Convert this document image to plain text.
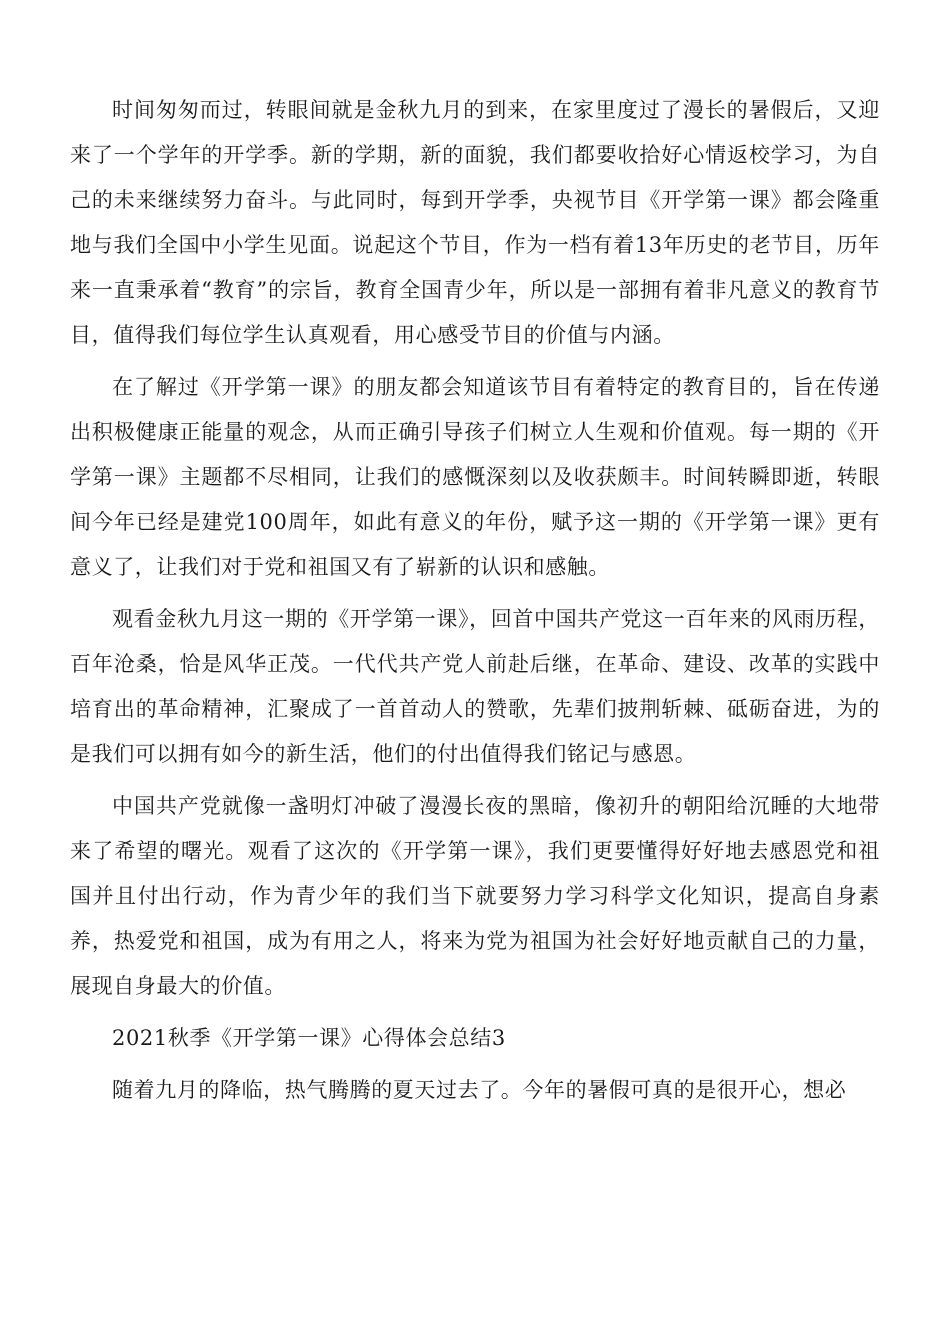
时间匆匆而过，转眼间就是金秋九月的到来，在家里度过了漫长的暑假后，又迎来了一个学年的开学季。新的学期，新的面貌，我们都要收拾好心情返校学习，为自己的未来继续努力奋斗。与此同时，每到开学季，央视节目《开学第一课》都会隆重地与我们全国中小学生见面。说起这个节目，作为一档有着13年历史的老节目，历年来一直秉承着“教育”的宗旨，教育全国青少年，所以是一部拥有着非凡意义的教育节目，值得我们每位学生认真观看，用心感受节目的价值与内涵。

在了解过《开学第一课》的朋友都会知道该节目有着特定的教育目的，旨在传递出积极健康正能量的观念，从而正确引导孩子们树立人生观和价值观。每一期的《开学第一课》主题都不尽相同，让我们的感慨深刻以及收获颇丰。时间转瞬即逝，转眼间今年已经是建党100周年，如此有意义的年份，赋予这一期的《开学第一课》更有意义了，让我们对于党和祖国又有了崭新的认识和感触。

观看金秋九月这一期的《开学第一课》，回首中国共产党这一百年来的风雨历程，百年沧桑，恰是风华正茂。一代代共产党人前赴后继，在革命、建设、改革的实践中培育出的革命精神，汇聚成了一首首动人的赞歌，先辈们披荆斩棘、砥砺奋进，为的是我们可以拥有如今的新生活，他们的付出值得我们铭记与感恩。

中国共产党就像一盏明灯冲破了漫漫长夜的黑暗，像初升的朝阳给沉睡的大地带来了希望的曙光。观看了这次的《开学第一课》，我们更要懂得好好地去感恩党和祖国并且付出行动，作为青少年的我们当下就要努力学习科学文化知识，提高自身素养，热爱党和祖国，成为有用之人，将来为党为祖国为社会好好地贡献自己的力量，展现自身最大的价值。

2021秋季《开学第一课》心得体会总结3

随着九月的降临，热气腾腾的夏天过去了。今年的暑假可真的是很开心，想必
